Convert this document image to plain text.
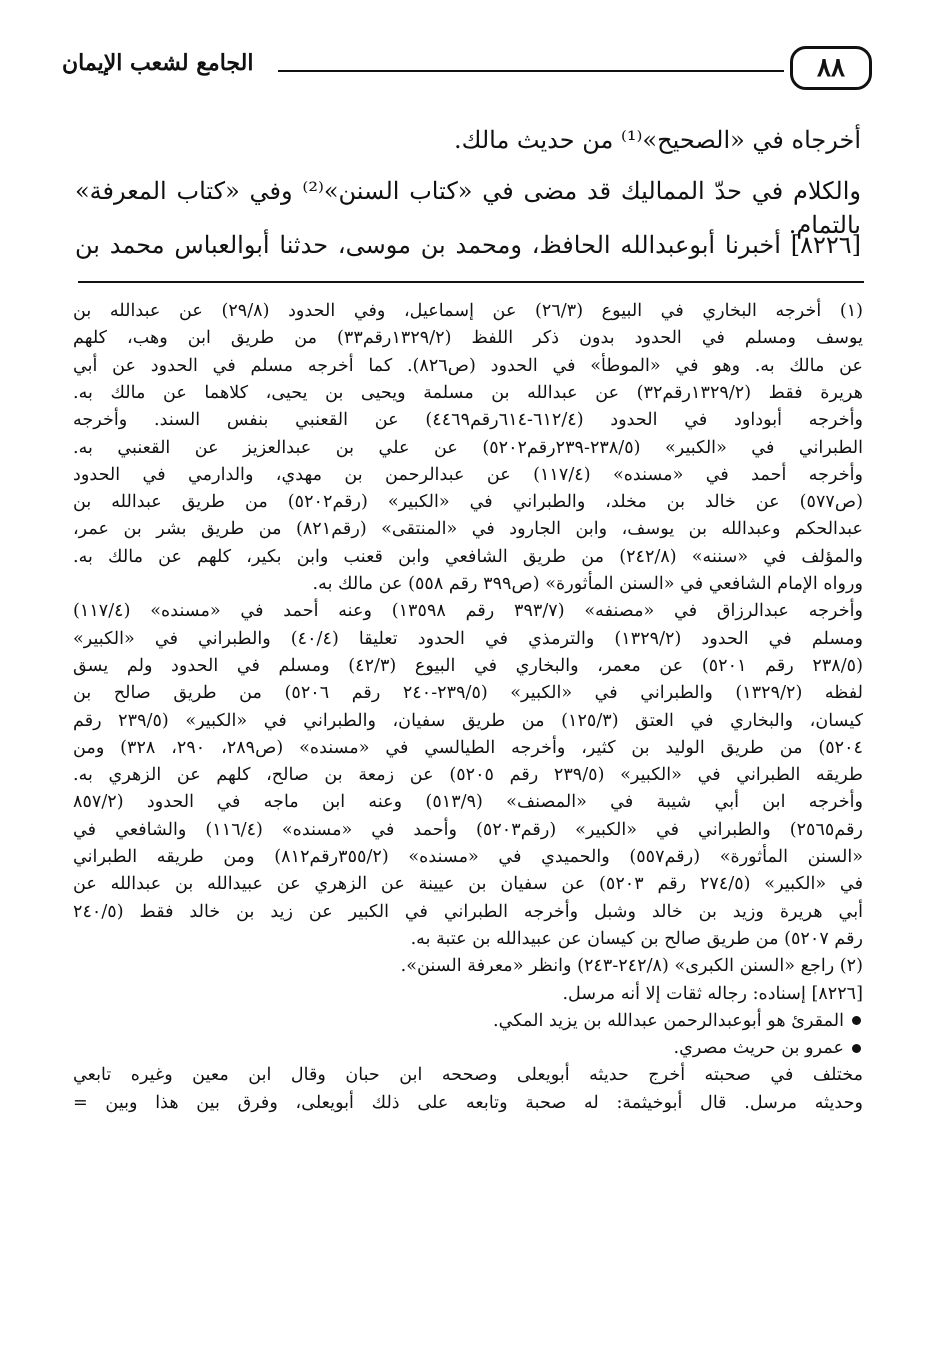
٨٨
الجامع لشعب الإيمان
أخرجاه في «الصحيح»⁽¹⁾ من حديث مالك.
والكلام في حدّ المماليك قد مضى في «كتاب السنن»⁽²⁾ وفي «كتاب المعرفة» بالتمام.
[٨٢٢٦] أخبرنا أبوعبدالله الحافظ، ومحمد بن موسى، حدثنا أبوالعباس محمد بن
(١) أخرجه البخاري في البيوع (٢٦/٣) عن إسماعيل، وفي الحدود (٢٩/٨) عن عبدالله بن
يوسف ومسلم في الحدود بدون ذكر اللفظ (١٣٢٩/٢رقم٣٣) من طريق ابن وهب، كلهم
عن مالك به. وهو في «الموطأ» في الحدود (ص٨٢٦). كما أخرجه مسلم في الحدود عن أبي
هريرة فقط (١٣٢٩/٢رقم٣٢) عن عبدالله بن مسلمة ويحيى بن يحيى، كلاهما عن مالك به.
وأخرجه أبوداود في الحدود (٦١٢/٤-٦١٤رقم٤٤٦٩) عن القعنبي بنفس السند. وأخرجه
الطبراني في «الكبير» (٢٣٨/٥-٢٣٩رقم٥٢٠٢) عن علي بن عبدالعزيز عن القعنبي به.
وأخرجه أحمد في «مسنده» (١١٧/٤) عن عبدالرحمن بن مهدي، والدارمي في الحدود
(ص٥٧٧) عن خالد بن مخلد، والطبراني في «الكبير» (رقم٥٢٠٢) من طريق عبدالله بن
عبدالحكم وعبدالله بن يوسف، وابن الجارود في «المنتقى» (رقم٨٢١) من طريق بشر بن عمر،
والمؤلف في «سننه» (٢٤٢/٨) من طريق الشافعي وابن قعنب وابن بكير، كلهم عن مالك به.
ورواه الإمام الشافعي في «السنن المأثورة» (ص٣٩٩ رقم ٥٥٨) عن مالك به.
وأخرجه عبدالرزاق في «مصنفه» (٣٩٣/٧ رقم ١٣٥٩٨) وعنه أحمد في «مسنده» (١١٧/٤)
ومسلم في الحدود (١٣٢٩/٢) والترمذي في الحدود تعليقا (٤٠/٤) والطبراني في «الكبير»
(٢٣٨/٥ رقم ٥٢٠١) عن معمر، والبخاري في البيوع (٤٢/٣) ومسلم في الحدود ولم يسق
لفظه (١٣٢٩/٢) والطبراني في «الكبير» (٢٣٩/٥-٢٤٠ رقم ٥٢٠٦) من طريق صالح بن
كيسان، والبخاري في العتق (١٢٥/٣) من طريق سفيان، والطبراني في «الكبير» (٢٣٩/٥ رقم
٥٢٠٤) من طريق الوليد بن كثير، وأخرجه الطيالسي في «مسنده» (ص٢٨٩، ٢٩٠، ٣٢٨) ومن
طريقه الطبراني في «الكبير» (٢٣٩/٥ رقم ٥٢٠٥) عن زمعة بن صالح، كلهم عن الزهري به.
وأخرجه ابن أبي شيبة في «المصنف» (٥١٣/٩) وعنه ابن ماجه في الحدود (٨٥٧/٢
رقم٢٥٦٥) والطبراني في «الكبير» (رقم٥٢٠٣) وأحمد في «مسنده» (١١٦/٤) والشافعي في
«السنن المأثورة» (رقم٥٥٧) والحميدي في «مسنده» (٣٥٥/٢رقم٨١٢) ومن طريقه الطبراني
في «الكبير» (٢٧٤/٥ رقم ٥٢٠٣) عن سفيان بن عيينة عن الزهري عن عبيدالله بن عبدالله عن
أبي هريرة وزيد بن خالد وشبل وأخرجه الطبراني في الكبير عن زيد بن خالد فقط (٢٤٠/٥
رقم ٥٢٠٧) من طريق صالح بن كيسان عن عبيدالله بن عتبة به.
(٢) راجع «السنن الكبرى» (٢٤٢/٨-٢٤٣) وانظر «معرفة السنن».
[٨٢٢٦] إسناده: رجاله ثقات إلا أنه مرسل.
المقرئ هو أبوعبدالرحمن عبدالله بن يزيد المكي.
عمرو بن حريث مصري.
مختلف في صحبته أخرج حديثه أبويعلى وصححه ابن حبان وقال ابن معين وغيره تابعي
وحديثه مرسل. قال أبوخيثمة: له صحبة وتابعه على ذلك أبويعلى، وفرق بين هذا وبين =
